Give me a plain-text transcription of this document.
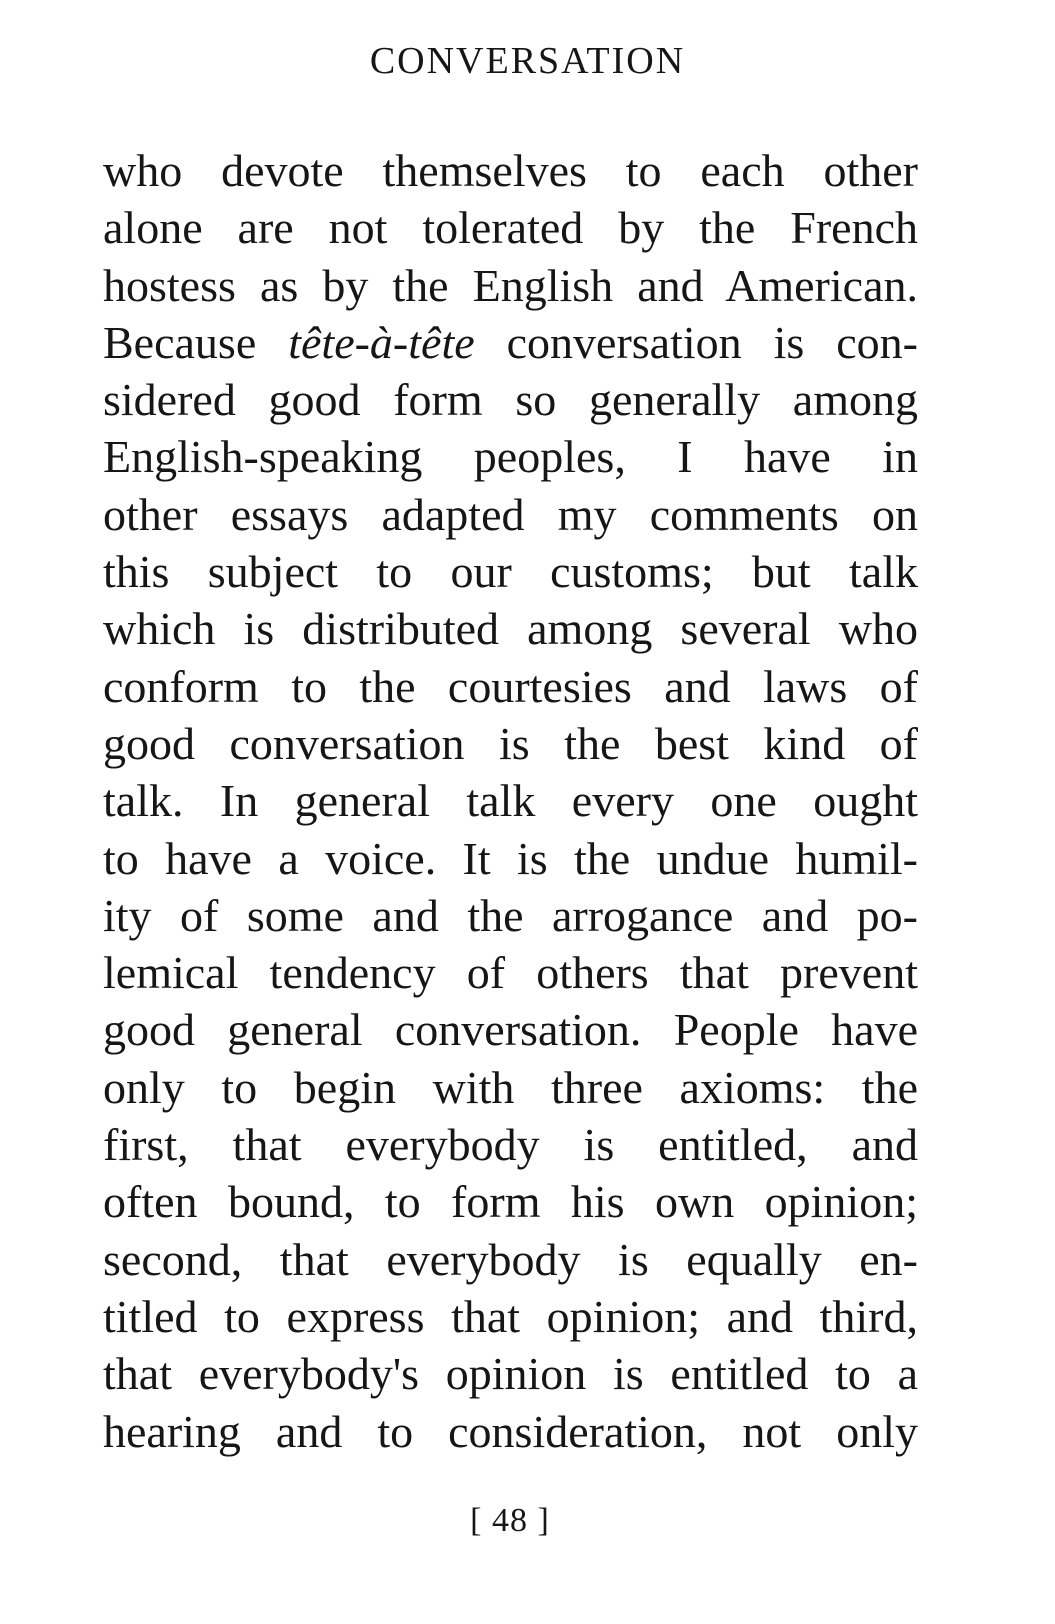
CONVERSATION
who devote themselves to each other
alone are not tolerated by the French
hostess as by the English and American.
Because tête-à-tête conversation is con-
sidered good form so generally among
English-speaking peoples, I have in
other essays adapted my comments on
this subject to our customs; but talk
which is distributed among several who
conform to the courtesies and laws of
good conversation is the best kind of
talk. In general talk every one ought
to have a voice. It is the undue humil-
ity of some and the arrogance and po-
lemical tendency of others that prevent
good general conversation. People have
only to begin with three axioms: the
first, that everybody is entitled, and
often bound, to form his own opinion;
second, that everybody is equally en-
titled to express that opinion; and third,
that everybody's opinion is entitled to a
hearing and to consideration, not only
[ 48 ]
